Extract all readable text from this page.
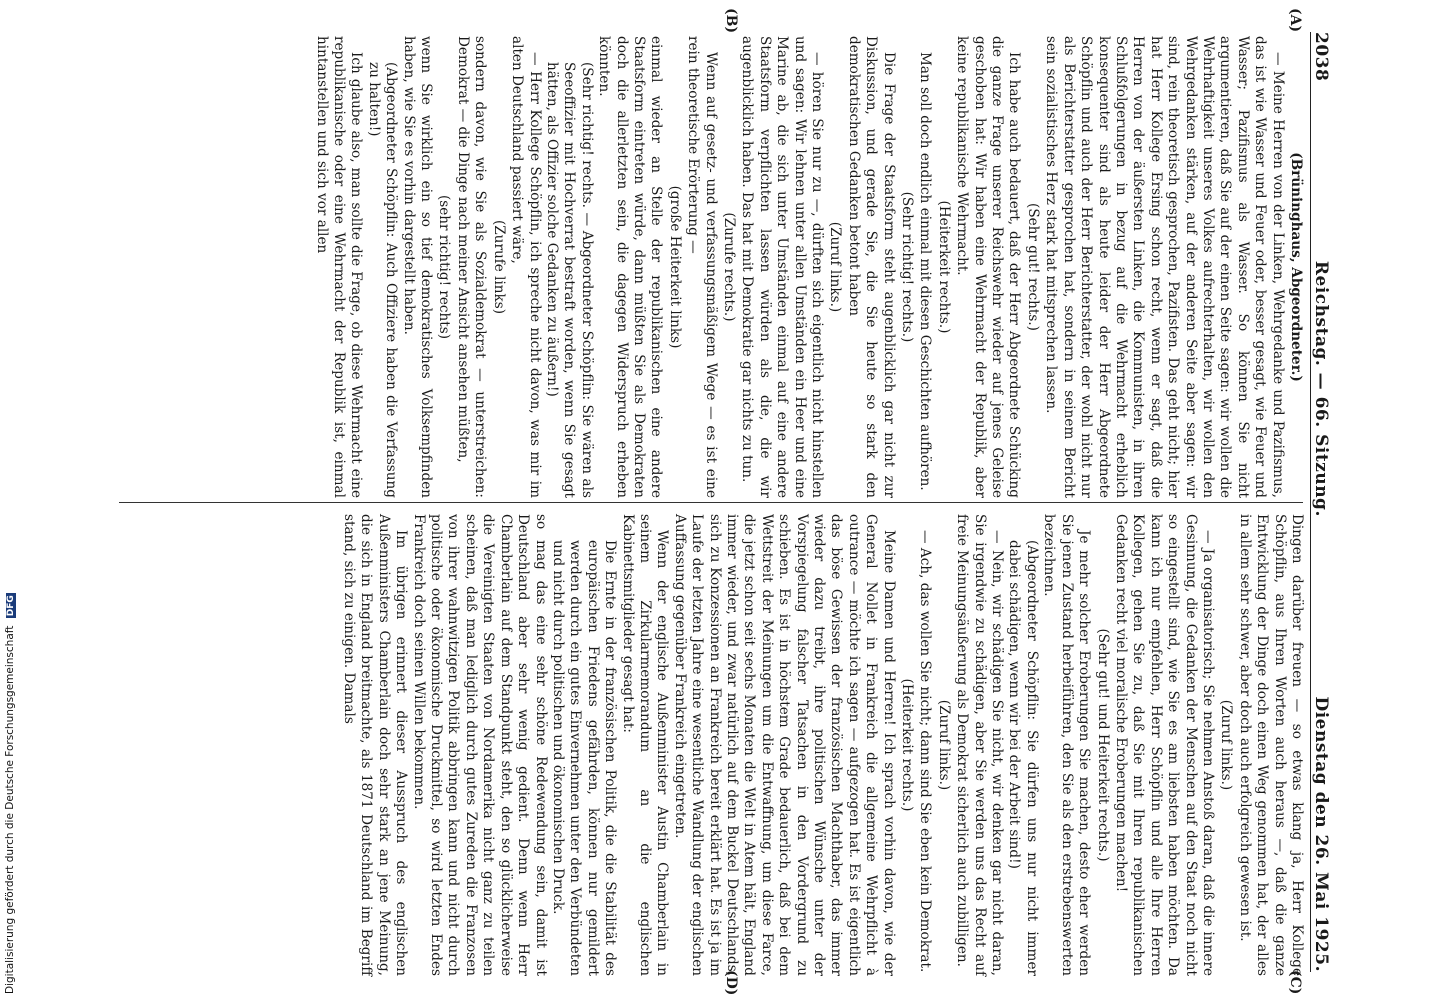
2038
Reichstag. — 66. Sitzung.
Dienstag den 26. Mai 1925.
(A)
(B)
(C)
(D)

(Brüninghaus, Abgeordneter.)

— Meine Herren von der Linken, Wehrgedanke und Pazifismus, das ist wie Wasser und Feuer oder, besser gesagt, wie Feuer und Wasser; Pazifismus als Wasser. So können Sie nicht argumentieren, daß Sie auf der einen Seite sagen: wir wollen die Wehrhaftigkeit unseres Volkes aufrechterhalten, wir wollen den Wehrgedanken stärken, auf der anderen Seite aber sagen: wir sind, rein theoretisch gesprochen, Pazifisten. Das geht nicht; hier hat Herr Kollege Ersing schon recht, wenn er sagt, daß die Herren von der äußersten Linken, die Kommunisten, in ihren Schlußfolgerungen in bezug auf die Wehrmacht erheblich konsequenter sind als heute leider der Herr Abgeordnete Schöpflin und auch der Herr Berichterstatter, der wohl nicht nur als Berichterstatter gesprochen hat, sondern in seinem Bericht sein sozialistisches Herz stark hat mitsprechen lassen.

(Sehr gut! rechts.)

Ich habe auch bedauert, daß der Herr Abgeordnete Schücking die ganze Frage unserer Reichswehr wieder auf jenes Geleise geschoben hat: Wir haben eine Wehrmacht der Republik, aber keine republikanische Wehrmacht.

(Heiterkeit rechts.)

Man soll doch endlich einmal mit diesen Geschichten aufhören.

(Sehr richtig! rechts.)

Die Frage der Staatsform steht augenblicklich gar nicht zur Diskussion, und gerade Sie, die Sie heute so stark den demokratischen Gedanken betont haben

(Zuruf links.)

— hören Sie nur zu —, dürften sich eigentlich nicht hinstellen und sagen: Wir lehnen unter allen Umständen ein Heer und eine Marine ab, die sich unter Umständen einmal auf eine andere Staatsform verpflichten lassen würden als die, die wir augenblicklich haben. Das hat mit Demokratie gar nichts zu tun.

(Zurufe rechts.)

Wenn auf gesetz- und verfassungsmäßigem Wege — es ist eine rein theoretische Erörterung —

(große Heiterkeit links)

einmal wieder an Stelle der republikanischen eine andere Staatsform eintreten würde, dann müßten Sie als Demokraten doch die allerletzten sein, die dagegen Widerspruch erheben könnten.

(Sehr richtig! rechts. — Abgeordneter Schöpflin: Sie wären als Seeoffizier mit Hochverrat bestraft worden, wenn Sie gesagt hätten, als Offizier solche Gedanken zu äußern!)

— Herr Kollege Schöpflin, ich spreche nicht davon, was mir im alten Deutschland passiert wäre,

(Zurufe links)

sondern davon, wie Sie als Sozialdemokrat — unterstreichen: Demokrat — die Dinge nach meiner Ansicht ansehen müßten,

(sehr richtig! rechts)

wenn Sie wirklich ein so tief demokratisches Volksempfinden haben, wie Sie es vorhin dargestellt haben.

(Abgeordneter Schöpflin: Auch Offiziere haben die Verfassung zu halten!)

Ich glaube also, man sollte die Frage, ob diese Wehrmacht eine republikanische oder eine Wehrmacht der Republik ist, einmal hintanstellen und sich vor allen

Dingen darüber freuen — so etwas klang ja, Herr Kollege Schöpflin, aus Ihren Worten auch heraus —, daß die ganze Entwicklung der Dinge doch einen Weg genommen hat, der alles in allem sehr schwer, aber doch auch erfolgreich gewesen ist.

(Zuruf links.)

— Ja organisatorisch; Sie nehmen Anstoß daran, daß die innere Gesinnung, die Gedanken der Menschen auf den Staat noch nicht so eingestellt sind, wie Sie es am liebsten haben möchten. Da kann ich nur empfehlen, Herr Schöpflin und alle Ihre Herren Kollegen, gehen Sie zu, daß Sie mit Ihren republikanischen Gedanken recht viel moralische Eroberungen machen!

(Sehr gut! und Heiterkeit rechts.)

Je mehr solcher Eroberungen Sie machen, desto eher werden Sie jenen Zustand herbeiführen, den Sie als den erstrebenswerten bezeichnen.

(Abgeordneter Schöpflin: Sie dürfen uns nur nicht immer dabei schädigen, wenn wir bei der Arbeit sind!)

— Nein, wir schädigen Sie nicht, wir denken gar nicht daran, Sie irgendwie zu schädigen, aber Sie werden uns das Recht auf freie Meinungsäußerung als Demokrat sicherlich auch zubilligen.

(Zuruf links.)

— Ach, das wollen Sie nicht; dann sind Sie eben kein Demokrat.

(Heiterkeit rechts.)

Meine Damen und Herren! Ich sprach vorhin davon, wie der General Nollet in Frankreich die allgemeine Wehrpflicht à outrance — möchte ich sagen — aufgezogen hat. Es ist eigentlich das böse Gewissen der französischen Machthaber, das immer wieder dazu treibt, ihre politischen Wünsche unter der Vorspiegelung falscher Tatsachen in den Vordergrund zu schieben. Es ist in höchstem Grade bedauerlich, daß bei dem Wettstreit der Meinungen um die Entwaffnung, um diese Farce, die jetzt schon seit sechs Monaten die Welt in Atem hält, England immer wieder, und zwar natürlich auf dem Buckel Deutschlands, sich zu Konzessionen an Frankreich bereit erklärt hat. Es ist ja im Laufe der letzten Jahre eine wesentliche Wandlung der englischen Auffassung gegenüber Frankreich eingetreten.

Wenn der englische Außenminister Austin Chamberlain in seinem Zirkularmemorandum an die englischen Kabinettsmitglieder gesagt hat:

Die Ernte in der französischen Politik, die die Stabilität des europäischen Friedens gefährden, können nur gemildert werden durch ein gutes Einvernehmen unter den Verbündeten und nicht durch politischen und ökonomischen Druck.

so mag das eine sehr schöne Redewendung sein, damit ist Deutschland aber sehr wenig gedient. Denn wenn Herr Chamberlain auf dem Standpunkt steht, den so glücklicherweise die Vereinigten Staaten von Nordamerika nicht ganz zu teilen scheinen, daß man lediglich durch gutes Zureden die Franzosen von ihrer wahnwitzigen Politik abbringen kann und nicht durch politische oder ökonomische Druckmittel, so wird letzten Endes Frankreich doch seinen Willen bekommen.

Im übrigen erinnert dieser Ausspruch des englischen Außenministers Chamberlain doch sehr stark an jene Meinung, die sich in England breitmachte, als 1871 Deutschland im Begriff stand, sich zu einigen. Damals

Digitalisierung gefördert durch die Deutsche Forschungsgemeinschaft DFG
